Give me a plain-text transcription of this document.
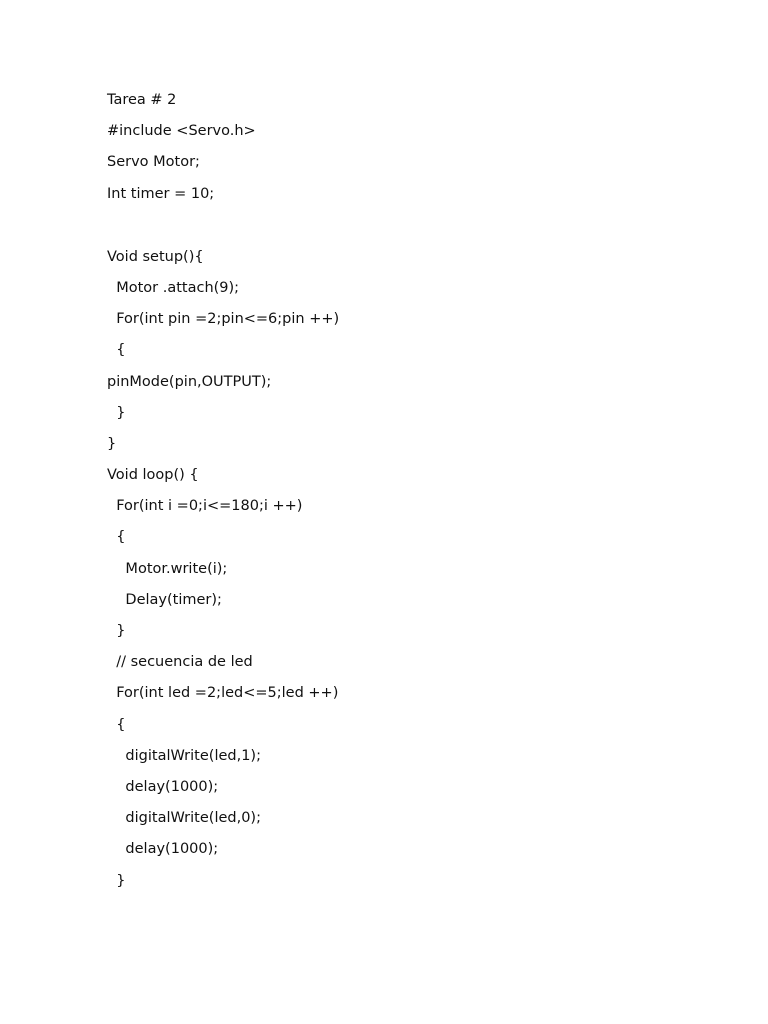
Tarea # 2
#include <Servo.h>
Servo Motor;
Int timer = 10;
Void setup(){
Motor .attach(9);
For(int pin =2;pin<=6;pin ++)
{
pinMode(pin,OUTPUT);
}
}
Void loop() {
For(int i =0;i<=180;i ++)
{
Motor.write(i);
Delay(timer);
}
// secuencia de led
For(int led =2;led<=5;led ++)
{
digitalWrite(led,1);
delay(1000);
digitalWrite(led,0);
delay(1000);
}
